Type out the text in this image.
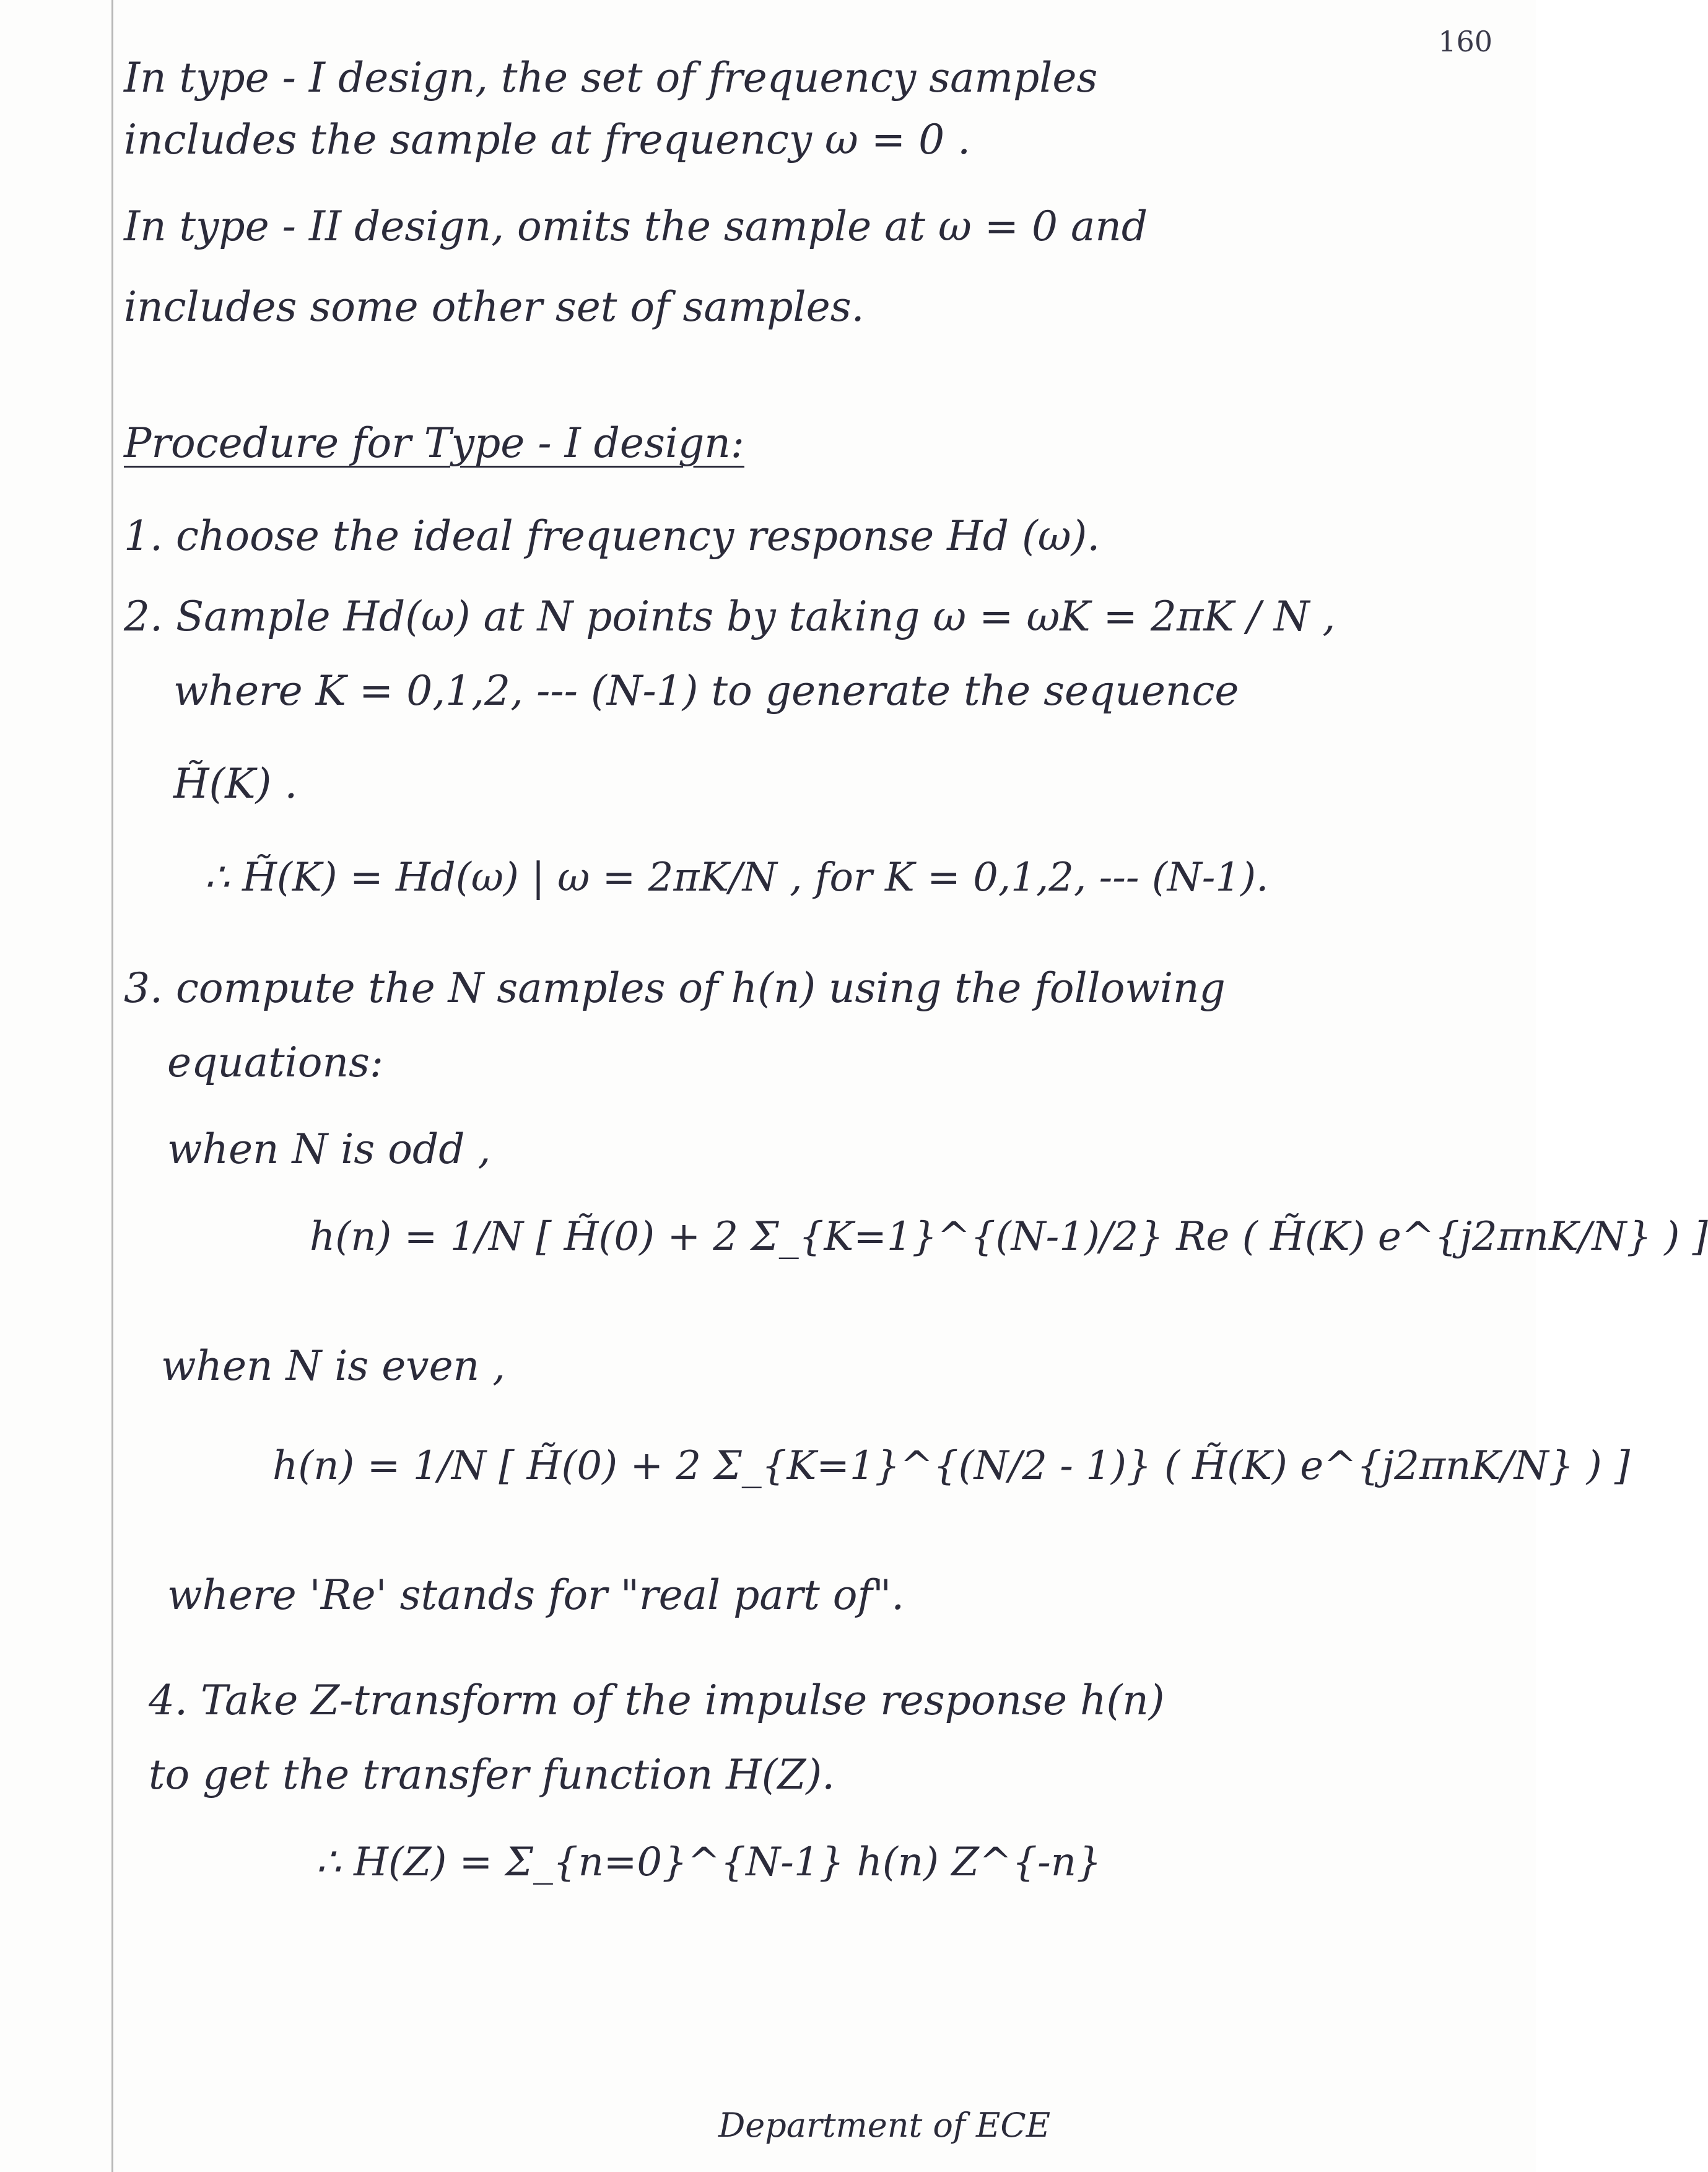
160
In type - I design, the set of frequency samples
includes the sample at frequency ω = 0 .
In type - II design, omits the sample at ω = 0 and
includes some other set of samples.
Procedure for Type - I design:
1. choose the ideal frequency response Hd (ω).
2. Sample Hd(ω) at N points by taking ω = ωK = 2πK / N ,
where K = 0,1,2, --- (N-1) to generate the sequence
H̃(K) .
∴ H̃(K) = Hd(ω) | ω = 2πK/N , for K = 0,1,2, --- (N-1).
3. compute the N samples of h(n) using the following
equations:
when N is odd ,
h(n) = 1/N [ H̃(0) + 2 Σ_{K=1}^{(N-1)/2} Re ( H̃(K) e^{j2πnK/N} ) ]
when N is even ,
h(n) = 1/N [ H̃(0) + 2 Σ_{K=1}^{(N/2 - 1)} ( H̃(K) e^{j2πnK/N} ) ]
where 'Re' stands for "real part of".
4. Take Z-transform of the impulse response h(n)
to get the transfer function H(Z).
∴ H(Z) = Σ_{n=0}^{N-1} h(n) Z^{-n}
Department of ECE
